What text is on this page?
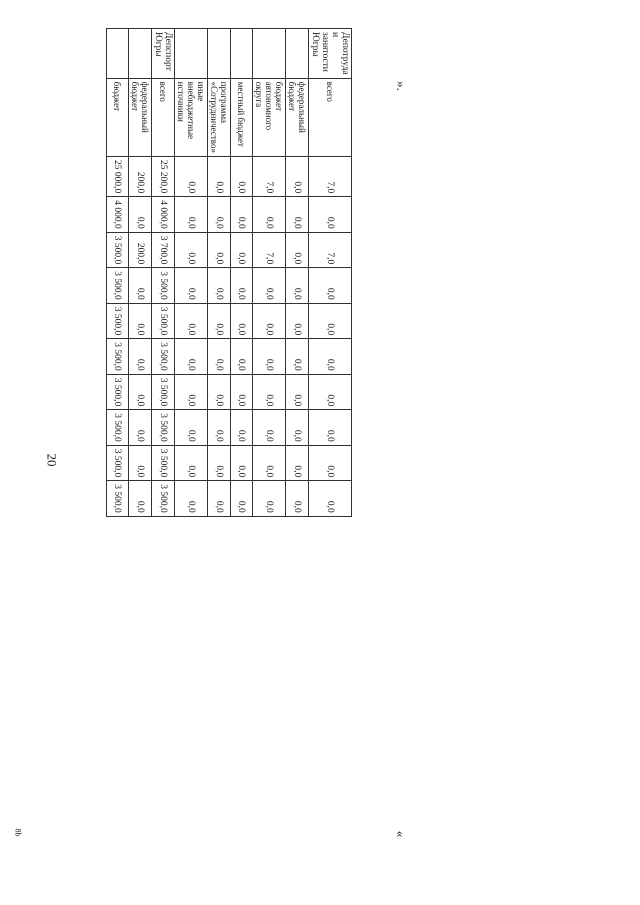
20
8b
».
«

Депотруда и занятости Югры	всего	7,0	0,0	7,0	0,0	0,0	0,0	0,0	0,0	0,0	0,0
	федеральный бюджет	0,0	0,0	0,0	0,0	0,0	0,0	0,0	0,0	0,0	0,0
	бюджет автономного округа	7,0	0,0	7,0	0,0	0,0	0,0	0,0	0,0	0,0	0,0
	местный бюджет	0,0	0,0	0,0	0,0	0,0	0,0	0,0	0,0	0,0	0,0
	программа «Сотрудничество»	0,0	0,0	0,0	0,0	0,0	0,0	0,0	0,0	0,0	0,0
	иные внебюджетные источники	0,0	0,0	0,0	0,0	0,0	0,0	0,0	0,0	0,0	0,0
Депспорт Югры	всего	25 200,0	4 000,0	3 700,0	3 500,0	3 500,0	3 500,0	3 500,0	3 500,0	3 500,0	3 500,0
	федеральный бюджет	200,0	0,0	200,0	0,0	0,0	0,0	0,0	0,0	0,0	0,0
	бюджет	25 000,0	4 000,0	3 500,0	3 500,0	3 500,0	3 500,0	3 500,0	3 500,0	3 500,0	3 500,0
